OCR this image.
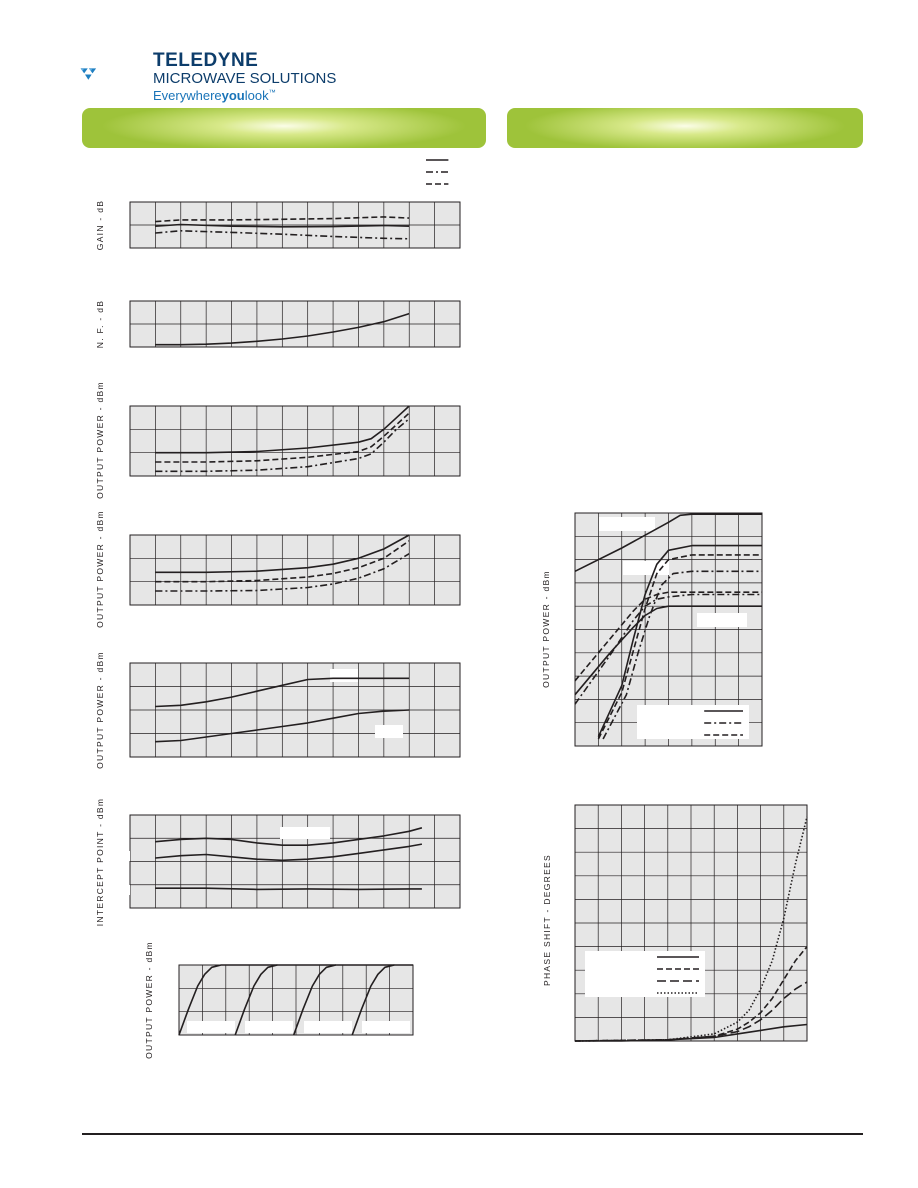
TELEDYNE
MICROWAVE SOLUTIONS
Everywhereyoulook™
GAIN - dB
N. F. - dB
OUTPUT POWER - dBm
OUTPUT POWER - dBm
OUTPUT POWER - dBm
INTERCEPT POINT - dBm
OUTPUT POWER - dBm
OUTPUT POWER - dBm
PHASE SHIFT - DEGREES
